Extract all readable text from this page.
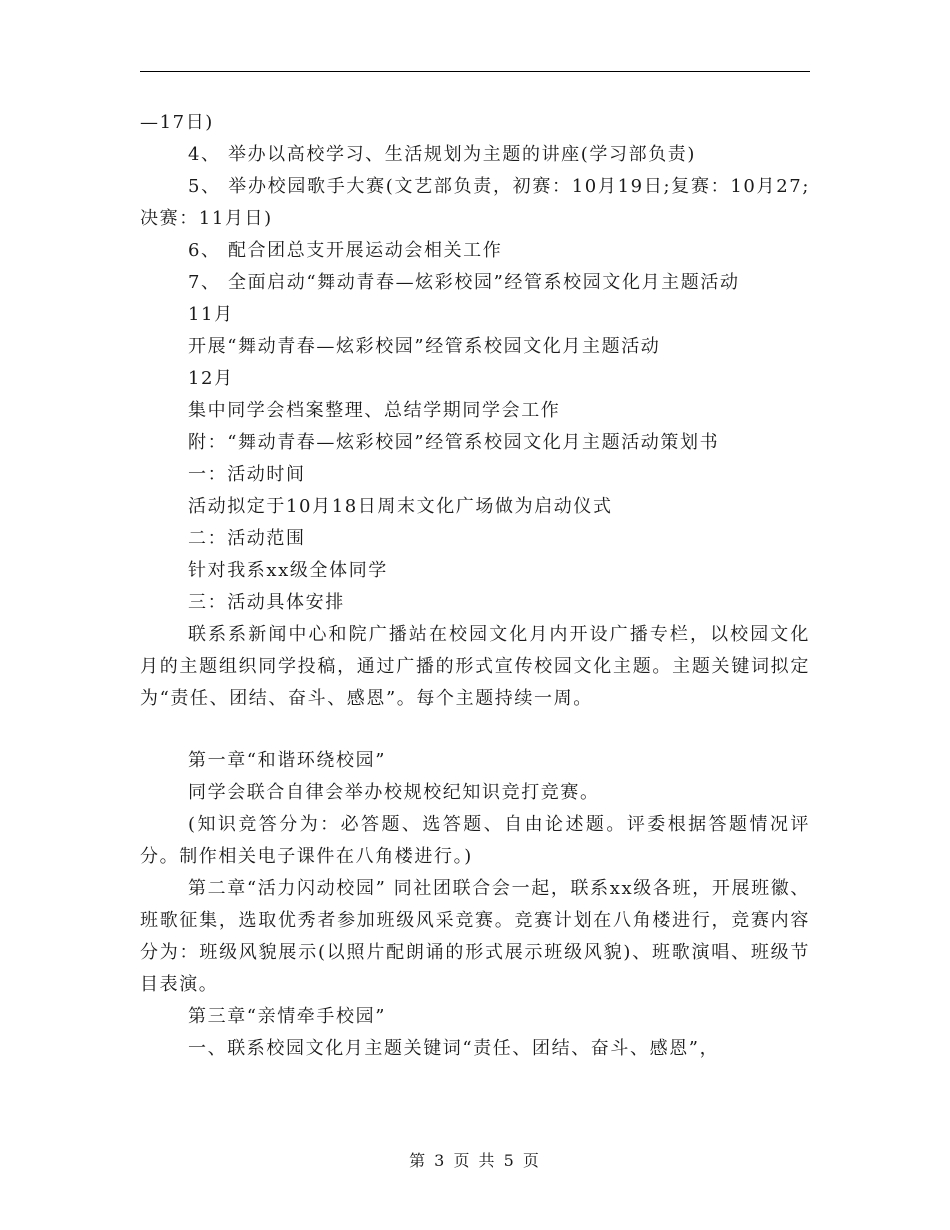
—17日)

4、 举办以高校学习、生活规划为主题的讲座(学习部负责)

5、 举办校园歌手大赛(文艺部负责，初赛：10月19日;复赛：10月27;决赛：11月日)

6、 配合团总支开展运动会相关工作

7、 全面启动“舞动青春—炫彩校园”经管系校园文化月主题活动

11月

开展“舞动青春—炫彩校园”经管系校园文化月主题活动

12月

集中同学会档案整理、总结学期同学会工作

附：“舞动青春—炫彩校园”经管系校园文化月主题活动策划书

一：活动时间

活动拟定于10月18日周末文化广场做为启动仪式

二：活动范围

针对我系xx级全体同学

三：活动具体安排

联系系新闻中心和院广播站在校园文化月内开设广播专栏，以校园文化月的主题组织同学投稿，通过广播的形式宣传校园文化主题。主题关键词拟定为“责任、团结、奋斗、感恩”。每个主题持续一周。

第一章“和谐环绕校园”

同学会联合自律会举办校规校纪知识竞打竞赛。

(知识竞答分为：必答题、选答题、自由论述题。评委根据答题情况评分。制作相关电子课件在八角楼进行。)

第二章“活力闪动校园” 同社团联合会一起，联系xx级各班，开展班徽、班歌征集，选取优秀者参加班级风采竞赛。竞赛计划在八角楼进行，竞赛内容分为：班级风貌展示(以照片配朗诵的形式展示班级风貌)、班歌演唱、班级节目表演。

第三章“亲情牵手校园”

一、联系校园文化月主题关键词“责任、团结、奋斗、感恩”，

第 3 页 共 5 页
